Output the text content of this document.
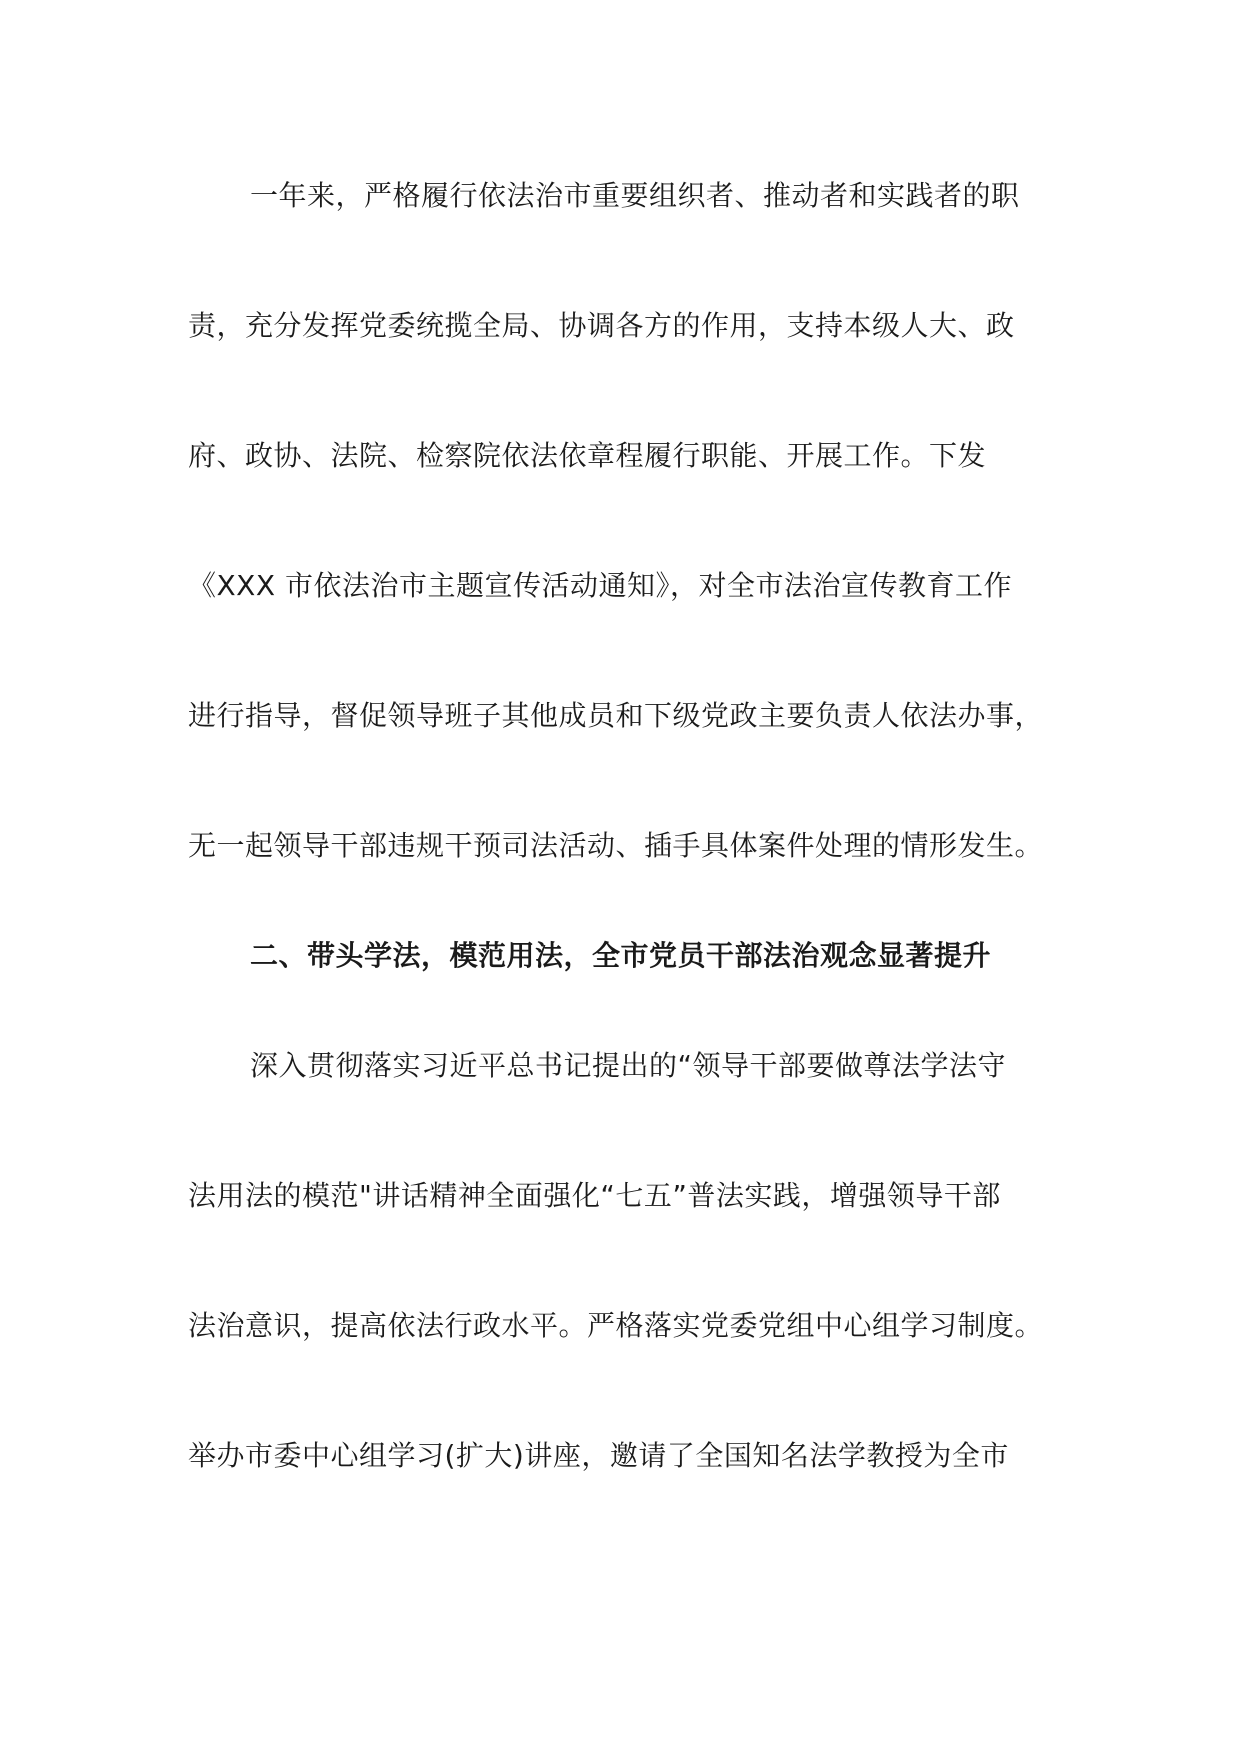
一年来，严格履行依法治市重要组织者、推动者和实践者的职
责，充分发挥党委统揽全局、协调各方的作用，支持本级人大、政
府、政协、法院、检察院依法依章程履行职能、开展工作。下发
《XXX 市依法治市主题宣传活动通知》，对全市法治宣传教育工作
进行指导，督促领导班子其他成员和下级党政主要负责人依法办事，
无一起领导干部违规干预司法活动、插手具体案件处理的情形发生。
二、带头学法，模范用法，全市党员干部法治观念显著提升
深入贯彻落实习近平总书记提出的“领导干部要做尊法学法守
法用法的模范"讲话精神全面强化“七五”普法实践，增强领导干部
法治意识，提高依法行政水平。严格落实党委党组中心组学习制度。
举办市委中心组学习(扩大)讲座，邀请了全国知名法学教授为全市
